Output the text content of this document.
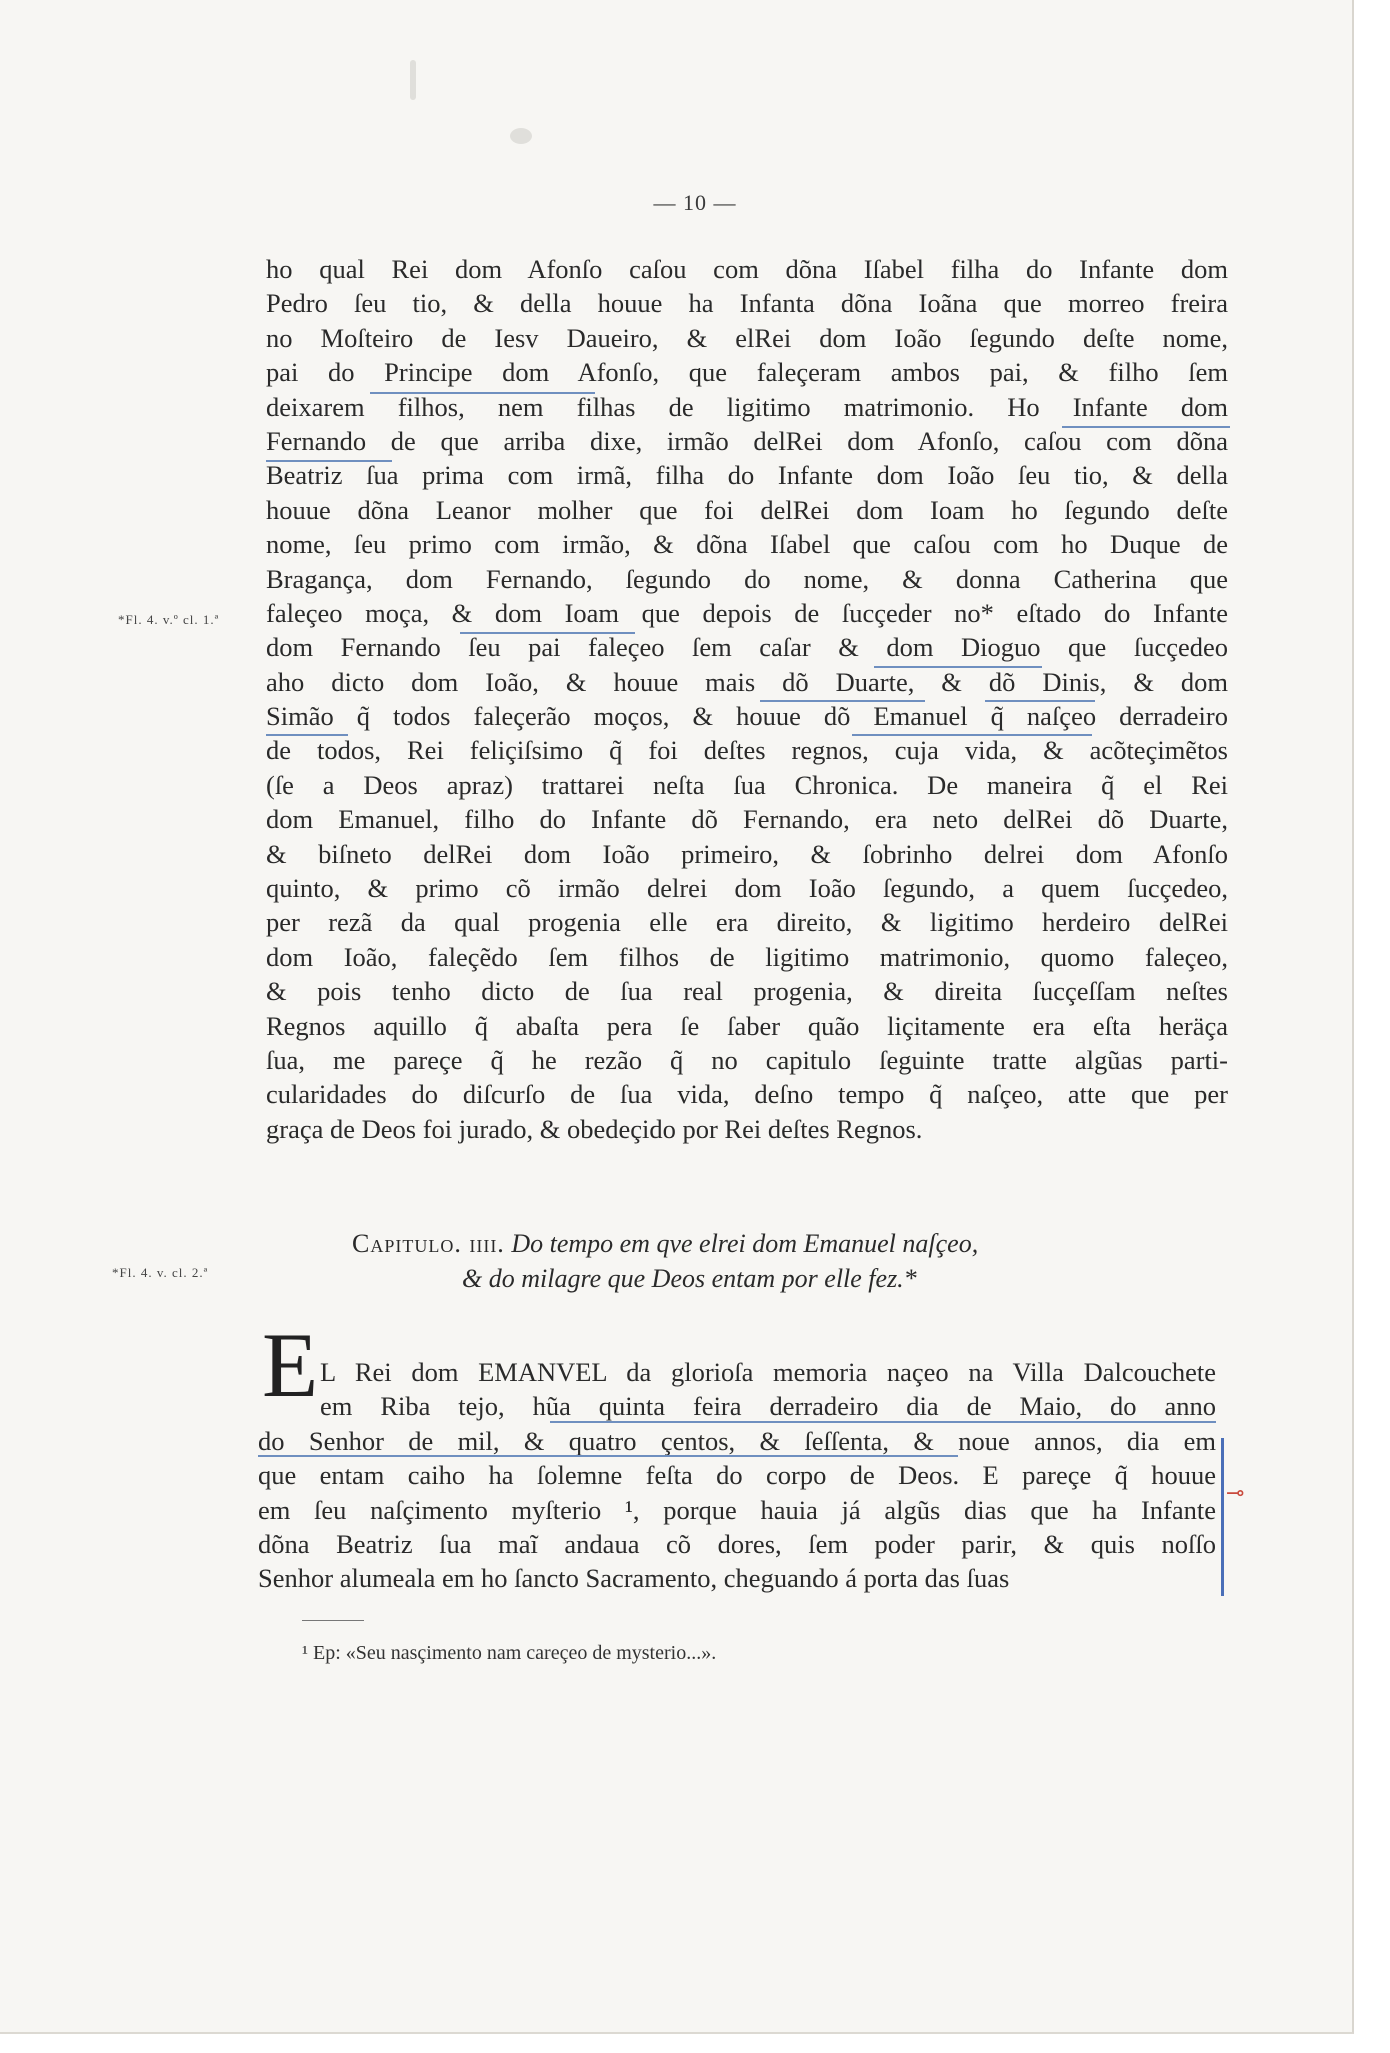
— 10 —
ho qual Rei dom Afonſo caſou com dõna Iſabel filha do Infante dom
Pedro ſeu tio, & della houue ha Infanta dõna Ioãna que morreo freira
no Moſteiro de Iesv Daueiro, & elRei dom Ioão ſegundo deſte nome,
pai do Principe dom Afonſo, que faleçeram ambos pai, & filho ſem
deixarem filhos, nem filhas de ligitimo matrimonio. Ho Infante dom
Fernando de que arriba dixe, irmão delRei dom Afonſo, caſou com dõna
Beatriz ſua prima com irmã, filha do Infante dom Ioão ſeu tio, & della
houue dõna Leanor molher que foi delRei dom Ioam ho ſegundo deſte
nome, ſeu primo com irmão, & dõna Iſabel que caſou com ho Duque de
Bragança, dom Fernando, ſegundo do nome, & donna Catherina que
faleçeo moça, & dom Ioam que depois de ſucçeder no* eſtado do Infante
dom Fernando ſeu pai faleçeo ſem caſar & dom Dioguo que ſucçedeo
aho dicto dom Ioão, & houue mais dõ Duarte, & dõ Dinis, & dom
Simão q̃ todos faleçerão moços, & houue dõ Emanuel q̃ naſçeo derradeiro
de todos, Rei feliçiſsimo q̃ foi deſtes regnos, cuja vida, & acõteçimẽtos
(ſe a Deos apraz) trattarei neſta ſua Chronica. De maneira q̃ el Rei
dom Emanuel, filho do Infante dõ Fernando, era neto delRei dõ Duarte,
& biſneto delRei dom Ioão primeiro, & ſobrinho delrei dom Afonſo
quinto, & primo cõ irmão delrei dom Ioão ſegundo, a quem ſucçedeo,
per rezã da qual progenia elle era direito, & ligitimo herdeiro delRei
dom Ioão, faleçẽdo ſem filhos de ligitimo matrimonio, quomo faleçeo,
& pois tenho dicto de ſua real progenia, & direita ſucçeſſam neſtes
Regnos aquillo q̃ abaſta pera ſe ſaber quão liçitamente era eſta heräça
ſua, me pareçe q̃ he rezão q̃ no capitulo ſeguinte tratte algũas parti-
cularidades do diſcurſo de ſua vida, deſno tempo q̃ naſçeo, atte que per
graça de Deos foi jurado, & obedeçido por Rei deſtes Regnos.
*Fl. 4. v.º cl. 1.ª
*Fl. 4. v. cl. 2.ª
Capitulo. iiii. Do tempo em qve elrei dom Emanuel naſçeo,
& do milagre que Deos entam por elle fez.*
E L Rei dom EMANVEL da glorioſa memoria naçeo na Villa Dalcouchete
em Riba tejo, hũa quinta feira derradeiro dia de Maio, do anno
do Senhor de mil, & quatro çentos, & ſeſſenta, & noue annos, dia em
que entam caiho ha ſolemne feſta do corpo de Deos. E pareçe q̃ houue
em ſeu naſçimento myſterio ¹, porque hauia já algũs dias que ha Infante
dõna Beatriz ſua maĩ andaua cõ dores, ſem poder parir, & quis noſſo
Senhor alumeala em ho ſancto Sacramento, cheguando á porta das ſuas
¹ Ep: «Seu nasçimento nam careçeo de mysterio...».
⊸
